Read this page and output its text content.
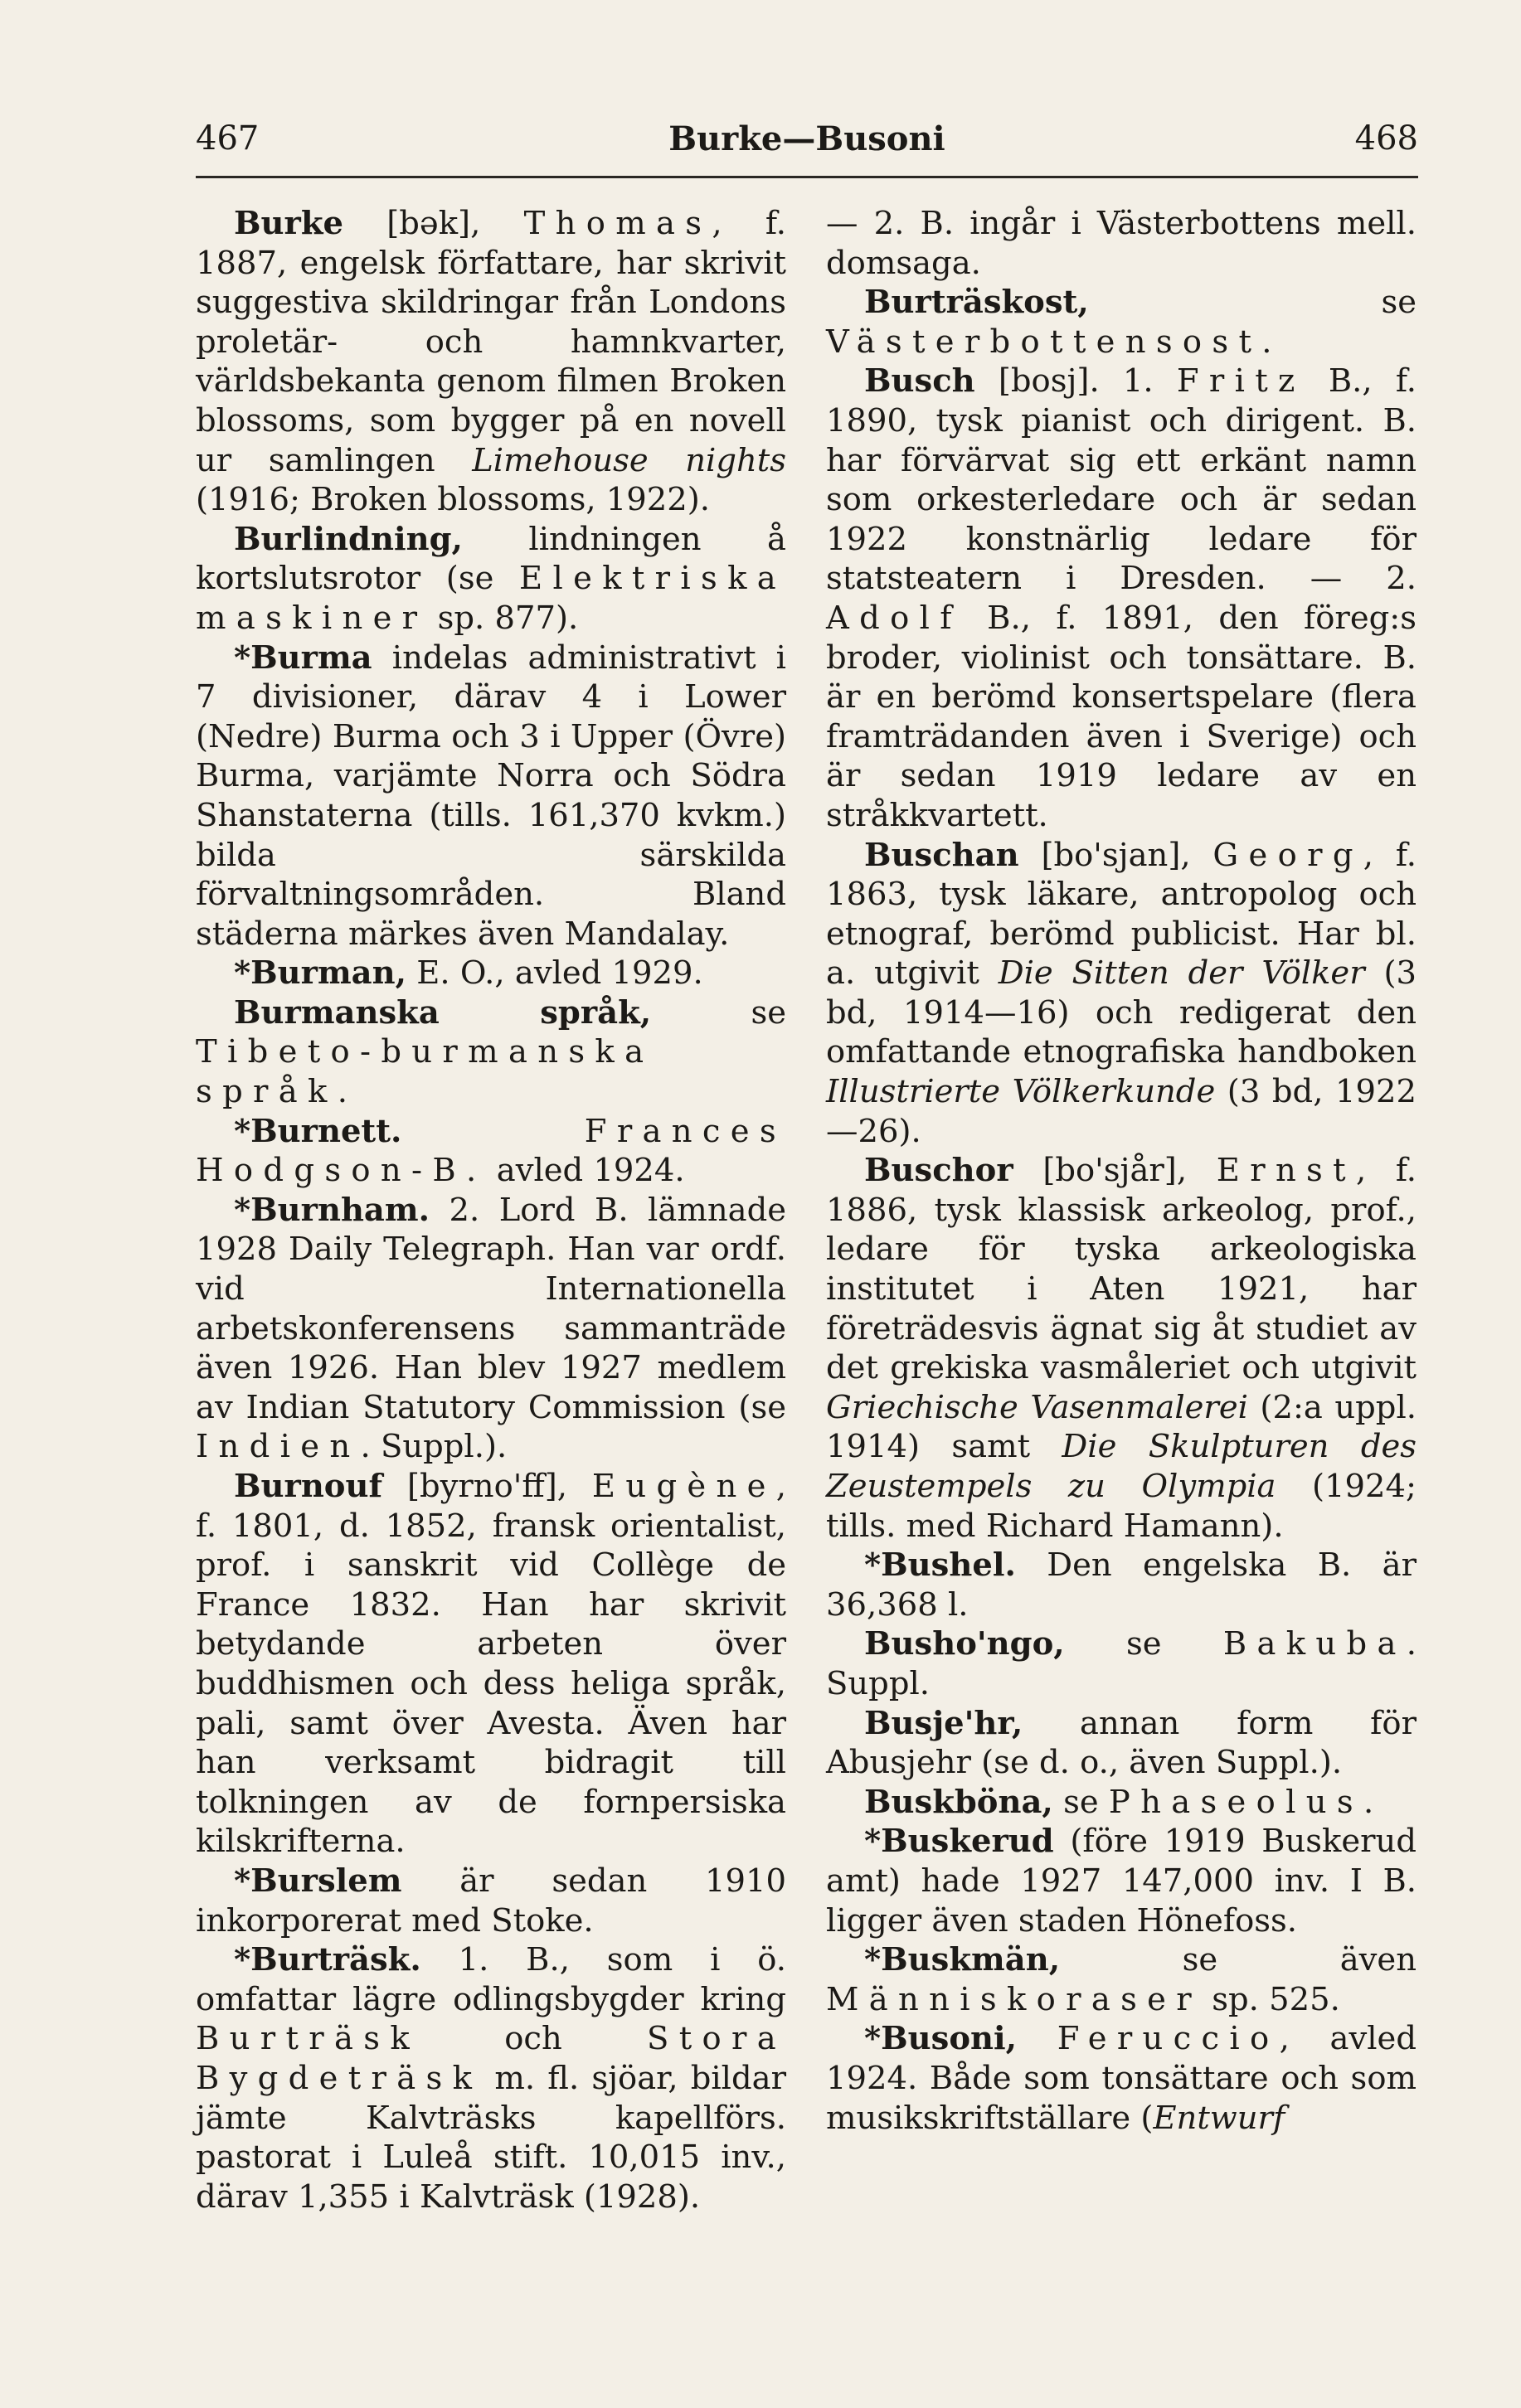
467	Burke—Busoni	468

Burke [bək], Thomas, f. 1887, engelsk författare, har skrivit suggestiva skildringar från Londons proletär- och hamnkvarter, världsbekanta genom filmen Broken blossoms, som bygger på en novell ur samlingen Limehouse nights (1916; Broken blossoms, 1922).

Burlindning, lindningen å kortslutsrotor (se Elektriska maskiner sp. 877).

*Burma indelas administrativt i 7 divisioner, därav 4 i Lower (Nedre) Burma och 3 i Upper (Övre) Burma, varjämte Norra och Södra Shanstaterna (tills. 161,370 kvkm.) bilda särskilda förvaltningsområden. Bland städerna märkes även Mandalay.

*Burman, E. O., avled 1929.

Burmanska språk, se Tibeto-burmanska språk.

*Burnett.	Frances Hodgson-B. avled 1924.

*Burnham. 2. Lord B. lämnade 1928 Daily Telegraph. Han var ordf. vid Internationella arbetskonferensens sammanträde även 1926. Han blev 1927 medlem av Indian Statutory Commission (se Indien. Suppl.).

Burnouf [byrno'ff], Eugène, f. 1801, d. 1852, fransk orientalist, prof. i sanskrit vid Collège de France 1832. Han har skrivit betydande arbeten över buddhismen och dess heliga språk, pali, samt över Avesta. Även har han verksamt bidragit till tolkningen av de fornpersiska kilskrifterna.

*Burslem är sedan 1910 inkorporerat med Stoke.

*Burträsk. 1. B., som i ö. omfattar lägre odlingsbygder kring Burträsk och Stora Bygdeträsk m. fl. sjöar, bildar jämte Kalvträsks kapellförs. pastorat i Luleå stift. 10,015 inv., därav 1,355 i Kalvträsk (1928).

— 2. B. ingår i Västerbottens mell. domsaga.

Burträskost, se Västerbottensost.

Busch [bosj]. 1. Fritz B., f. 1890, tysk pianist och dirigent. B. har förvärvat sig ett erkänt namn som orkesterledare och är sedan 1922 konstnärlig ledare för statsteatern i Dresden. — 2. Adolf B., f. 1891, den föreg:s broder, violinist och tonsättare. B. är en berömd konsertspelare (flera framträdanden även i Sverige) och är sedan 1919 ledare av en stråkkvartett.

Buschan [bo'sjan], Georg, f. 1863, tysk läkare, antropolog och etnograf, berömd publicist. Har bl. a. utgivit Die Sitten der Völker (3 bd, 1914—16) och redigerat den omfattande etnografiska handboken Illustrierte Völkerkunde (3 bd, 1922—26).

Buschor [bo'sjår], Ernst, f. 1886, tysk klassisk arkeolog, prof., ledare för tyska arkeologiska institutet i Aten 1921, har företrädesvis ägnat sig åt studiet av det grekiska vasmåleriet och utgivit Griechische Vasenmalerei (2:a uppl. 1914) samt Die Skulpturen des Zeustempels zu Olympia (1924; tills. med Richard Hamann).

*Bushel. Den engelska B. är 36,368 l.

Busho'ngo, se Bakuba. Suppl.

Busje'hr, annan form för Abusjehr (se d. o., även Suppl.).

Buskböna, se Phaseolus.

*Buskerud (före 1919 Buskerud amt) hade 1927 147,000 inv. I B. ligger även staden Hönefoss.

*Buskmän, se även Människoraser sp. 525.

*Busoni, Feruccio, avled 1924. Både som tonsättare och som musikskriftställare (Entwurf
